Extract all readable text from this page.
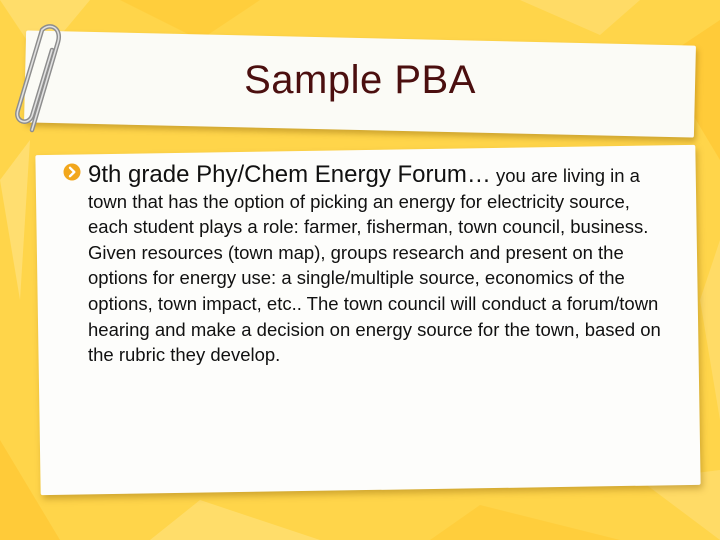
Sample PBA
9th grade Phy/Chem Energy Forum… you are living in a town that has the option of picking an energy for electricity source, each student plays a role: farmer, fisherman, town council, business. Given resources (town map), groups research and present on the options for energy use: a single/multiple source, economics of the options, town impact, etc.. The town council will conduct a forum/town hearing and make a decision on energy source for the town, based on the rubric they develop.
